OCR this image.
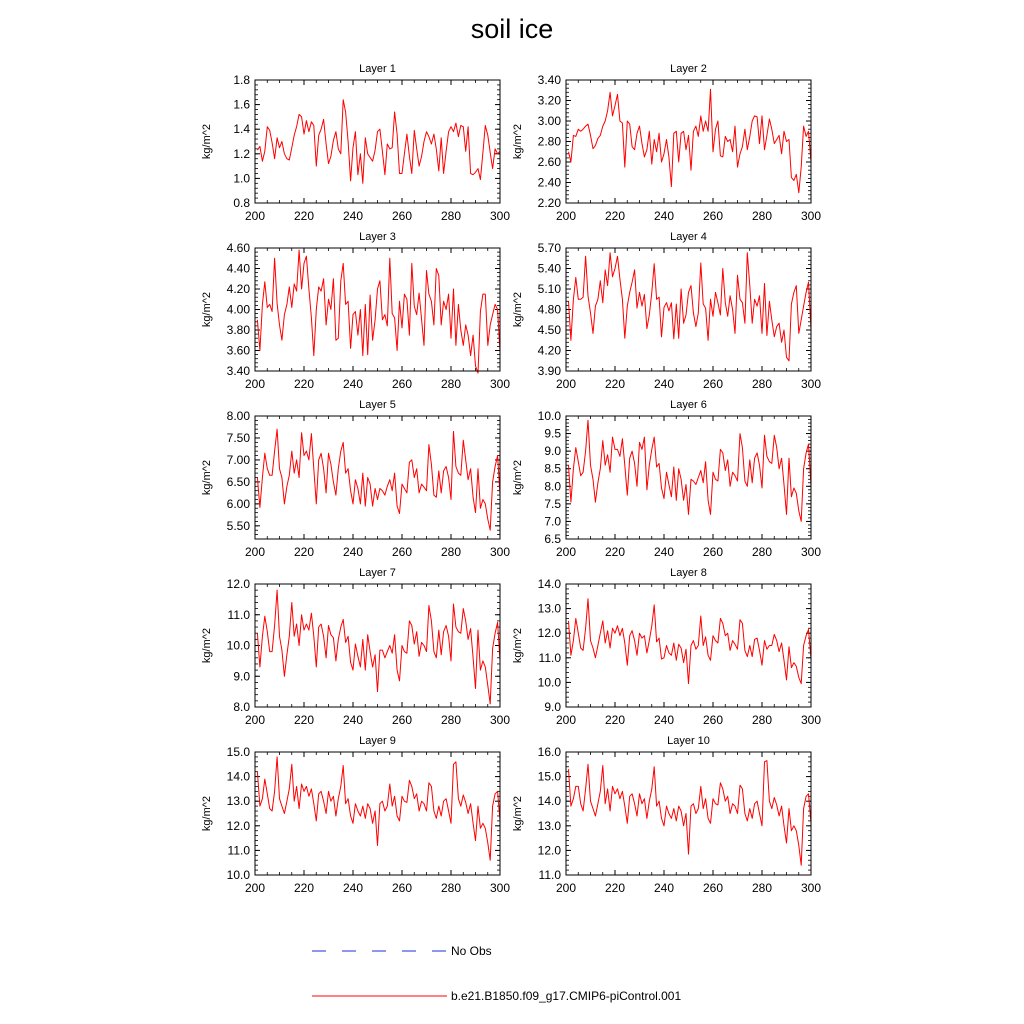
soil ice
Layer 1
kg/m^2
200 220 240 260 280 300
0.8
1.0
1.2
1.4
1.6
1.8
Layer 2
kg/m^2
200 220 240 260 280 300
2.20
2.40
2.60
2.80
3.00
3.20
3.40
Layer 3
kg/m^2
200 220 240 260 280 300
3.40
3.60
3.80
4.00
4.20
4.40
4.60
Layer 4
kg/m^2
200 220 240 260 280 300
3.90
4.20
4.50
4.80
5.10
5.40
5.70
Layer 5
kg/m^2
200 220 240 260 280 300
5.50
6.00
6.50
7.00
7.50
8.00
Layer 6
kg/m^2
200 220 240 260 280 300
6.5
7.0
7.5
8.0
8.5
9.0
9.5
10.0
Layer 7
kg/m^2
200 220 240 260 280 300
8.0
9.0
10.0
11.0
12.0
Layer 8
kg/m^2
200 220 240 260 280 300
9.0
10.0
11.0
12.0
13.0
14.0
Layer 9
kg/m^2
200 220 240 260 280 300
10.0
11.0
12.0
13.0
14.0
15.0
Layer 10
kg/m^2
200 220 240 260 280 300
11.0
12.0
13.0
14.0
15.0
16.0
No Obs
b.e21.B1850.f09_g17.CMIP6-piControl.001
